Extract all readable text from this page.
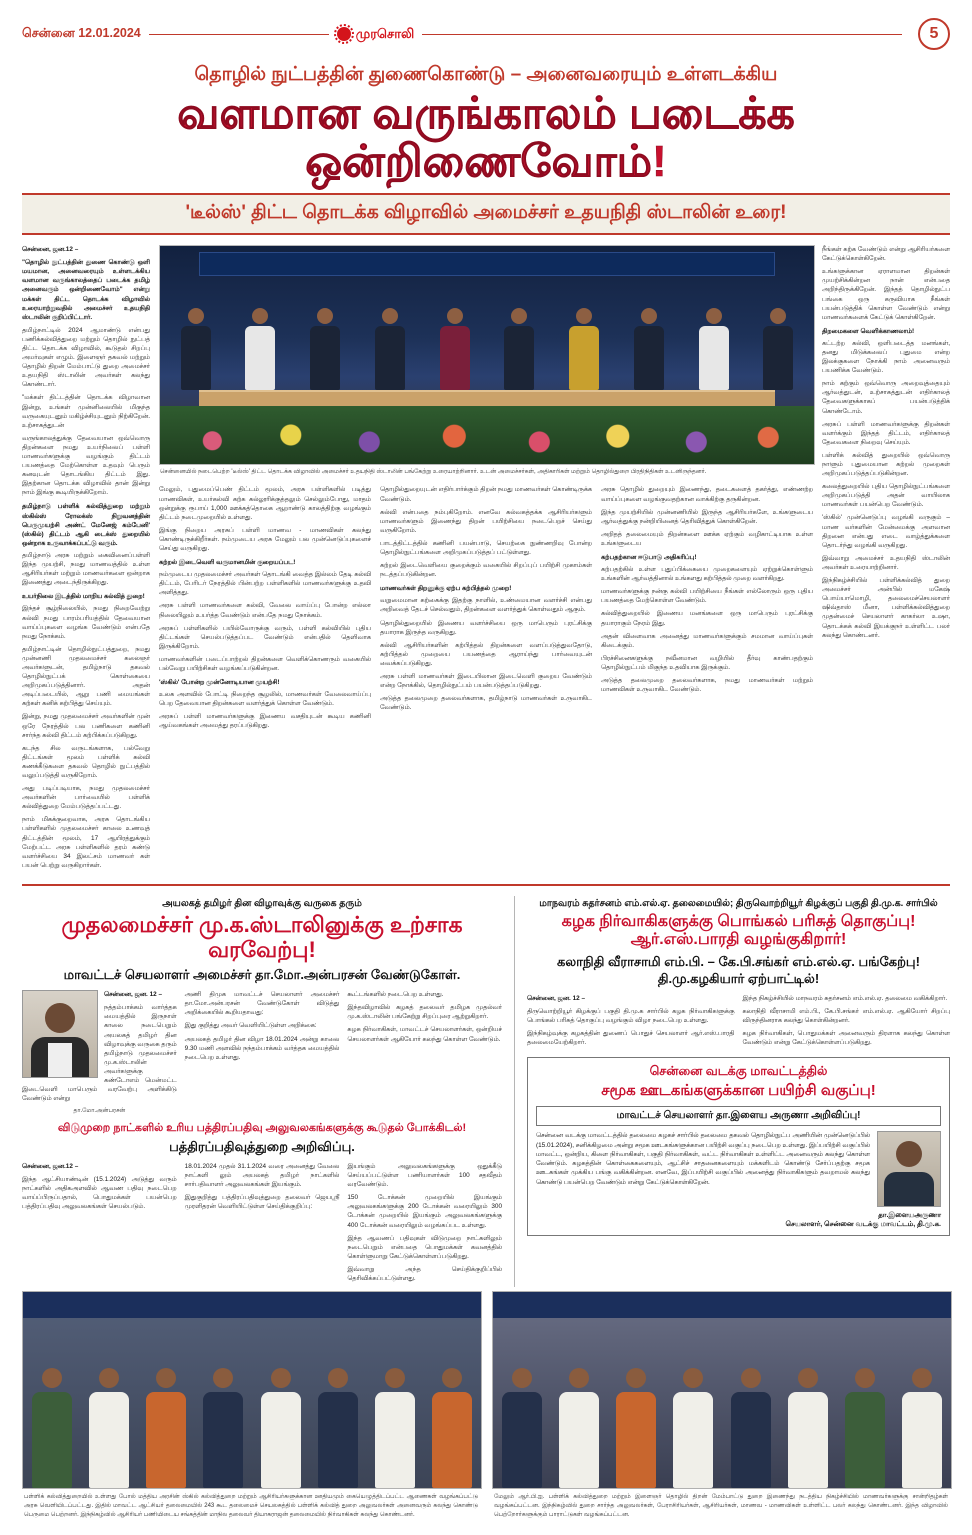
சென்னை 12.01.2024	முரசொலி	5
தொழில் நுட்பத்தின் துணைகொண்டு – அனைவரையும் உள்ளடக்கிய
வளமான வருங்காலம் படைக்க ஒன்றிணைவோம்!
'டீல்ஸ்' திட்ட தொடக்க விழாவில் அமைச்சர் உதயநிதி ஸ்டாலின் உரை!

சென்னை, ஜன.12 –

"தொழில் நுட்பத்தின் துணை கொண்டு ஒளி மயமான, அனைவரையும் உள்ளடக்கிய வளமான வருங்காலத்தைப் படைக்க தமிழ் அனைவரும் ஒன்றிணைவோம்" என்று மக்கள் திட்ட தொடக்க விழாவில் உரையாற்றுவதில் அமைச்சர் உதயநிதி ஸ்டாலின் குறிப்பிட்டார்.

தமிழ்நாட்டில் 2024 ஆமாண்டு என்பது பணிக்கல்வித்துறை மற்றும் தொழில் நுட்பத் திட்ட தொடக்க விழாவில், கூடுதல் சிறப்பு அமர்வுகள் எழும். இளைஞர் தகவல் மற்றும் தொழில் திறன் மேம்பாட்டு துறை அமைச்சர் உதயநிதி ஸ்டாலின் அவர்கள் கலந்து கொண்டார்.

"மக்கள் திட்டத்தின் தொடக்க விழாவான இன்று, உங்கள் முன்னிலையில் மிகுந்த வருகையுடனும் மகிழ்ச்சியுடனும் நிற்கிறேன். உற்சாகத்துடன்

வருங்காலத்துக்கு தேவையான ஒவ்வொரு திறன்களை நமது உயர்நிலைப் பள்ளி மாணவர்களுக்கு வழங்கும் திட்டம் பயணத்தை மேற்கொள்ள உதவும் பெரும் கனவுடன் தொடங்கிய திட்டம் இது. இதற்கான தொடக்க விழாவில் தான் இன்று நாம் இங்கு கூடியிருக்கிறோம்.

தமிழ்நாடு பள்ளிக் கல்வித்துறை மற்றும் ஸ்கில்ஸ் ரோலக்ஸ் நிறுவனத்தின் பெருமுயற்சி அண்ட் மேனேஜ் கம்பேனி' (ஸ்கில்) திட்டம் ஆகி டைக்ஸ் துறையில் ஒன்றாக உருவாக்கப்பட்டு வரும்.

தமிழ்நாடு அரசு மற்றும் கைவினைப்பள்ளி இந்த முயற்சி, நமது மாணவத்தில் உள்ள ஆசிரியர்கள் மற்றும் மாணவர்களை ஒன்றாக இணைத்து அடைந்திருக்கிறது.

உயர்நிலை இடத்தில் மாறிய கல்வித் துறை!

இந்தச் சூழ்நிலையில், நமது நிறைவேற்று கல்வி நமது பாரம்பரியத்தில் தேவையான வாய்ப்புகளை வழங்க வேண்டும் என்பதே நமது நோக்கம்.

தமிழ்நாட்டின் தொழில்நுட்பத்துறை, நமது முன்னணி முதலமைச்சர் கலைஞர் அவர்களுடன், தமிழ்நாடு தகவல் தொழில்நுட்பக் கொள்கையை அறிமுகப்படுத்தினார். அதன் அடிப்படையில், ஆறு பணி மையங்கள் கற்கள் கனிக் கற்பித்து செய்யும்.

இன்று, நமது முதலமைச்சர் அவர்களின் முன் ஒரே நேரத்தில் பல பணிகளை கணினி சார்ந்த கல்வி திட்டம் கற்பிக்கப்படுகிறது.

கடந்த சில வருடங்களாக, பல்வேறு திட்டங்கள் மூலம் பள்ளிக் கல்வி கணக்கீடுகளை தகவல் தொழில் நுட்பத்தில் வலுப்படுத்தி வருகிறோம்.

அது படிப்படியாக, நமது முதலமைச்சர் அவர்களின் பார்வையில் பள்ளிக் கல்வித்துறை மேம்படுத்தப்பட்டது.

நாம் மிகக்குறைவாக, அரசு தொடங்கிய பள்ளிகளில் முதலமைச்சர் காலை உணவுத் திட்டத்தின் மூலம், 17 ஆயிரத்துக்கும் மேற்பட்ட அரசு பள்ளிகளில் தரம் கண்டு வளர்ச்சியை 34 இலட்சம் மாணவர் கள் பயன் பெற்று வருகிறார்கள்.

சென்னையில் நடைபெற்ற 'டீல்ஸ்' திட்ட தொடக்க விழாவில் அமைச்சர் உதயநிதி ஸ்டாலின் பங்கேற்று உரையாற்றினார். உடன் அமைச்சர்கள், அதிகாரிகள் மற்றும் தொழில்துறை பிரதிநிதிகள் உடனிருந்தனர்.

மேலும், புதுமைப்பெண் திட்டம் மூலம், அரசு பள்ளிகளில் படித்து மாணவிகள், உயர்கல்வி கற்க கல்லூரிக்குத்தலும் செல்லும்போது, மாதம் ஒன்றுக்கு ரூபாய் 1,000 ஊக்கத்தொகை ஆறாண்டு காலத்திற்கு வழங்கும் திட்டம் நடைமுறையில் உள்ளது.

இங்கு நிறைய அரசுப் பள்ளி மாணவ - மாணவிகள் கலந்து கொண்டிருக்கிறீர்கள். நம்முடைய அரசு மேலும் பல முன்னெடுப்புகளைச் செய்து வருகிறது.

கற்றல் இடைவெளி வருமானமின் குறையப்பட!

நம்முடைய முதலமைச்சர் அவர்கள் தொடங்கி வைத்த இல்லம் தேடி கல்வி திட்டம், பேரிடர் நேரத்தில் பின்பற்ற பள்ளிகளில் மாணவர்களுக்கு உதவி அளித்தது.

அரசு பள்ளி மாணவர்களை கல்வி, வேலை வாய்ப்பு போன்ற எல்லா நிலையிலும் உயர்த்த வேண்டும் என்பதே நமது நோக்கம்.

அரசுப் பள்ளிகளில் பயில்வோருக்கு வரும், பள்ளி கல்வியில் புதிய திட்டங்கள் செயல்படுத்தப்பட வேண்டும் என்பதில் தெளிவாக இருக்கிறோம்.

மாணவர்களின் படைப்பாற்றல் திறன்களை வெளிக்கொணரும் வகையில் பல்வேறு பயிற்சிகள் வழங்கப்படுகின்றன.

'ஸ்கில்' போன்ற முன்னோடியான முயற்சி!

உலக அளவில் போட்டி நிறைந்த சூழலில், மாணவர்கள் வேலைவாய்ப்பு பெற தேவையான திறன்களை வளர்த்துக் கொள்ள வேண்டும்.

அரசுப் பள்ளி மாணவர்களுக்கு இணைய வசதியுடன் கூடிய கணினி ஆய்வகங்கள் அமைத்து தரப்படுகிறது.

தொழில்துறையுடன் எதிர்பார்க்கும் திறன் நமது மாணவர்கள் கொண்டிருக்க வேண்டும்.

கல்வி என்பதை நம்புகிறோம். எனவே கல்வகத்தக்க ஆசிரியர்களும் மாணவர்களும் இணைந்து திறன் பயிற்சியை நடைபெறச் செய்து வருகிறோம்.

பாடத்திட்டத்தில் கணினி பயன்பாடு, செயற்கை நுண்ணறிவு போன்ற தொழில்நுட்பங்களை அறிமுகப்படுத்தப் பட்டுள்ளது.

கற்றல் இடைவெளியை குறைக்கும் வகையில் சிறப்புப் பயிற்சி முகாம்கள் நடத்தப்படுகின்றன.

மாணவர்கள் திறனுக்கு ஏற்ப கற்பித்தல் முறை!

வறுமைமான கற்கைக்கு இதற்கு நாளில், உண்மையான வளர்ச்சி என்பது அறிவைத் தேடச் செல்வதும், திறன்களை வளர்த்துக் கொள்வதும் ஆகும்.

தொழில்துறையில் இணைய வளர்ச்சியை ஒரு மாபெரும் புரட்சிக்கு தயாராக இருந்த வருகிறது.

கல்வி ஆசிரியர்களின் கற்பித்தல் திறன்களை வளப்படுத்துவதோடு, கற்பித்தல் முறையை பயணத்தை ஆராய்ந்து பார்வையுடன் வைக்கப்படுகிறது.

அரசு பள்ளி மாணவர்கள் இடையிலான இடைவெளி குறைய வேண்டும் என்ற நோக்கில், தொழில்நுட்பம் பயன்படுத்தப்படுகிறது.

அடுத்த தலைமுறை தலைவர்களாக, தமிழ்நாடு மாணவர்கள் உருவாகிட வேண்டும்.

அரசு தொழில் துறையும் இணைந்து, தடைகளைத் தகர்த்து, எண்ணற்ற வாய்ப்புகளை வழங்குவதற்கான வாக்கிற்கு தருகின்றன.

இந்த முயற்சியில் முன்னணியில் இருந்த ஆசிரியர்களே, உங்களுடைய ஆர்வத்துக்கு நன்றியினைத் தெரிவித்துக் கொள்கிறேன்.

அறிதத் தலைமையும் திறன்களை ஊக்க ஏற்கும் வழிகாட்டியாக உள்ள உங்களுடைய

கற்பதற்கான ஈடுபாடு அதிகரிப்பு!

கற்பதற்கில் உள்ள புதுப்பிக்கையை முறைகளையும் ஏற்றுக்கொள்ளும் உங்களின் ஆர்வத்தினால் உங்களது கற்பித்தல் முறை வளர்கிறது.

மாணவர்களுக்கு நன்கு கல்வி பயிற்சியை நீங்கள் எல்லோரும் ஒரு புதிய பயணத்தை மேற்கொள்ள வேண்டும்.

கல்வித்துறையில் இணைய மனங்களை ஒரு மாபெரும் புரட்சிக்கு தயாராகும் நேரம் இது.

அதன் விளைவாக அனைத்து மாணவர்களுக்கும் சமமான வாய்ப்புகள் கிடைக்கும்.

பிரச்சினைகளுக்கு நவீனமான வழியில் தீர்வு காண்பதற்கும் தொழில்நுட்பம் மிகுந்த உதவியாக இருக்கும்.

அடுத்த தலைமுறை தலைவர்களாக, நமது மாணவர்கள் மற்றும் மாணவிகள் உருவாகிட வேண்டும்.

நீங்கள் கற்க வேண்டும் என்று ஆசிரியர்களை கேட்டுக்கொள்கிறேன்.

உங்களுக்கான ஏராளமான திறன்கள் முயற்சிக்கின்றன நான் என்பதை அறிந்திருக்கிறேன். இந்தத் தொழில்நுட்ப பங்கை ஒரு கருவியாக நீங்கள் பயன்படுத்திக் கொள்ள வேண்டும் என்று மாணவர்களைக் கேட்டுக் கொள்கிறேன்.

திறமைகளை வெளிக்காணலாம்!

கட்டற்ற கல்வி, ஒளிபடைத்த மனங்கள், தனது மிடுக்கலைப் புதுமை என்ற இலக்குகளை நோக்கி நாம் அனைவரும் பயணிக்க வேண்டும்.

நாம் கற்கும் ஒவ்வொரு அறைவுத்தையும் ஆர்வத்துடன், உற்சாகத்துடன் எதிர்காலத் தேவைகளுக்காகப் பயன்படுத்திக் கொண்டோம்.

அரசுப் பள்ளி மாணவர்களுக்கு திறன்கள் வளர்க்கும் இந்தத் திட்டம், எதிர்காலத் தேவைகளை நிறைவு செய்யும்.

பள்ளிக் கல்வித் துறையில் ஒவ்வொரு நாளும் புதுமையான கற்றல் முறைகள் அறிமுகப்படுத்தப்படுகின்றன.

கலைத்துறையில் புதிய தொழில்நுட்பங்களை அறிமுகப்படுத்தி அதன் வாயிலாக மாணவர்கள் பயன்பெற வேண்டும்.

'ஸ்கில்' முன்னெடுப்பு வழங்கி வருகும் – மாண வர்களின் மேன்மைக்கு அளவான திறனை என்பது எடை வாழ்த்துக்களை தொடர்ந்து வழங்கி வருகிறது.

இவ்வாறு அமைச்சர் உதயநிதி ஸ்டாலின் அவர்கள் உரையாற்றினார்.

இந்நிகழ்ச்சியில் பள்ளிக்கல்வித் துறை அமைச்சர் அன்பில் மகேஷ் பொய்யாமொழி, தலைமைச்செயலாளர் ஷிவ்தாஸ் மீனா, பள்ளிக்கல்வித்துறை முதன்மைச் செயலாளர் காகர்லா உஷா, தொடக்கக் கல்வி இயக்குநர் உள்ளிட்ட பலர் கலந்து கொண்டனர்.

அயலகத் தமிழர் தின விழாவுக்கு வருகை தரும்
முதலமைச்சர் மு.க.ஸ்டாலினுக்கு உற்சாக வரவேற்பு!
மாவட்டச் செயலாளர் அமைச்சர் தா.மோ.அன்பரசன் வேண்டுகோள்.

சென்னை, ஜன. 12 –

நத்தம்பாக்கம் வார்த்தக மையத்தில் இருநாள் காலை நடைபெறும் அயலகத் தமிழர் தின விழாவுக்கு வருகை தரும் தமிழ்நாடு முதலமைச்சர் மு.க.ஸ்டாலின் அவர்களுக்கு கண்டோஎம் மென்மட்ட இடைவெளி மாபெரும் வரவேற்பு அளிக்கிடு வேண்டும் என்று

தா.மோ.அன்பரசன்

அணி திமுக மாவட்டச் செயலாளர் அமைச்சர் தா.மோ.அன்பரசன் வேண்டுகோள் விடுத்து அறிக்கையில் கூறியதாவது:

இது குறித்து அவர் வெளியிட்டுள்ள அறிக்கை:

அயலகத் தமிழர் தின விழா 18.01.2024 அன்று காலை 9.30 மணி அளவில் நந்தம்பாக்கம் வர்த்தக மையத்தில் நடைபெற உள்ளது.

கூட்டங்களில் நடைபெற உள்ளது.

இந்தவிழாவில் கழகத் தலைவர் தமிழக முதல்வர் மு.க.ஸ்டாலின் பங்கேற்று சிறப்புரை ஆற்றுகிறார்.

கழக நிர்வாகிகள், மாவட்டச் செயலாளர்கள், ஒன்றியச் செயலாளர்கள் ஆகியோர் கலந்து கொள்ள வேண்டும்.

விடுமுறை நாட்களில் உரிய பத்திரப்பதிவு அலுவலகங்களுக்கு கூடுதல் போக்கிடல்!
பத்திரப்பதிவுத்துறை அறிவிப்பு.

சென்னை, ஜன.12 –

இந்த ஆட்சியாண்டின் (15.1.2024) அடுத்து வரும் நாட்களில் அதிகஅளவில் ஆவண பதிவு நடைபெற வாய்ப்பிருப்பதால், பொதுமக்கள் பயன்பெற பத்திரப்பதிவு அலுவலகங்கள் செயல்படும்.

18.01.2024 முதல் 31.1.2024 வரை அனைத்து வேலை நாட்களி லும் அயலகத் தமிழர் நாட்களில் சார்பதிவாளர் அலுவலகங்கள் இயங்கும்.

இதுகுறித்து பத்திரப்பதிவுத்துறை தலைவர் ஜெயஸ்ரீ முரளிதரன் வெளியிட்டுள்ள செய்திக்குறிப்பு:

இயங்கும் அலுவலகங்களுக்கு ஒதுக்கீடு செய்யப்பட்டுள்ள பணியாளர்கள் 100 சதவீதம் வரவேண்டும்.

150 டோக்கன் முறையில் இயங்கும் அலுவலகங்களுக்கு 200 டோக்கன் வரையிலும் 300 டோக்கன் முறையில் இயங்கும் அலுவலகங்களுக்கு 400 டோக்கன் வரையிலும் வழங்கப்பட உள்ளது.

இந்த ஆவணப் பதிவுகள் விடுமுறை நாட்களிலும் நடைபெறும் என்பதை பொதுமக்கள் கவனத்தில் கொள்ளுமாறு கேட்டுக்கொள்ளப்படுகிறது.

இவ்வாறு அந்த செய்திக்குறிப்பில் தெரிவிக்கப்பட்டுள்ளது.

மாநவரம் சுதர்சனம் எம்.எல்.ஏ. தலைமையில்; திருவொற்றியூர் கிழக்குப் பகுதி தி.மு.க. சார்பில்
கழக நிர்வாகிகளுக்கு பொங்கல் பரிசுத் தொகுப்பு! ஆர்.எஸ்.பாரதி வழங்குகிறார்!
கலாநிதி வீராசாமி எம்.பி. – கே.பி.சங்கர் எம்.எல்.ஏ. பங்கேற்பு! தி.மு.கழகியார் ஏற்பாட்டில்!

சென்னை, ஜன. 12 –

திருவொற்றியூர் கிழக்குப் பகுதி தி.மு.க சார்பில் கழக நிர்வாகிகளுக்கு பொங்கல் பரிசுத் தொகுப்பு வழங்கும் விழா நடைபெற உள்ளது.

இந்நிகழ்வுக்கு கழகத்தின் துணைப் பொதுச் செயலாளர் ஆர்.எஸ்.பாரதி தலைமையேற்கிறார்.

இந்த நிகழ்ச்சியில் மாநவரம் சுதர்சனம் எம்.எல்.ஏ. தலைமை வகிக்கிறார்.

கலாநிதி வீராசாமி எம்.பி., கே.பி.சங்கர் எம்.எல்.ஏ. ஆகியோர் சிறப்பு விருந்தினராக கலந்து கொள்கின்றனர்.

கழக நிர்வாகிகள், பொதுமக்கள் அனைவரும் திரளாக கலந்து கொள்ள வேண்டும் என்று கேட்டுக்கொள்ளப்படுகிறது.

சென்னை வடக்கு மாவட்டத்தில்
சமூக ஊடகங்களுக்கான பயிற்சி வகுப்பு!
மாவட்டச் செயலாளர் தா.இளைய அருணா அறிவிப்பு!
சென்னை வடக்கு மாவட்டத்தில் தலைமை கழகச் சார்பில் தலைமை தகவல் தொழில்நுட்ப அணியின் முன்னெடுப்பில் (15.01.2024), சனிக்கிழமை அன்று சமூக ஊடகங்களுக்கான பயிற்சி வகுப்பு நடைபெற உள்ளது. இப்பயிற்சி வகுப்பில் மாவட்ட, ஒன்றிய, கிளை நிர்வாகிகள், பகுதி நிர்வாகிகள், வட்ட நிர்வாகிகள் உள்ளிட்ட அனைவரும் கலந்து கொள்ள வேண்டும். கழகத்தின் கொள்கைகளையும், ஆட்சிச் சாதனைகளையும் மக்களிடம் கொண்டு சேர்ப்பதற்கு சமூக ஊடகங்கள் முக்கிய பங்கு வகிக்கின்றன. எனவே, இப்பயிற்சி வகுப்பில் அனைத்து நிர்வாகிகளும் தவறாமல் கலந்து கொண்டு பயன்பெற வேண்டும் என்று கேட்டுக்கொள்கிறேன்.
தா.இளையஅருணா
செயலாளர், சென்னை வடக்கு மாவட்டம், தி.மு.க.
பள்ளிக் கல்வித்துறையில் உள்ளது போல் மத்திய அரசின் ஸ்கில் கல்வித்துறை மற்றும் ஆசிரியர்களுக்கான ஊதியமும் கையெழுத்திடப்பட்ட ஆணைகள் வழங்கப்பட்டு அரசு வெளியிடப்பட்டது. இதில் மாவட்ட ஆட்சியர் தலைமையில் 243 கூட தலைமைச் செயலகத்தில் பள்ளிக் கல்வித் துறை அலுவலர்கள் அனைவரும் கலந்து கொண்டு பெருமை பெற்றனர். இந்நிகழ்வில் ஆசிரியர் பணியிடைய சங்கத்தின் மாநில தலைவர் தியாகராஜன் தலைமையில் நிர்வாகிகள் கலந்து கொண்டனர்.
மேலும் ஆர்.பி.ஐ. பள்ளிக் கல்வித்துறை மற்றும் இளைஞர் தொழில் திறன் மேம்பாட்டு துறை இணைந்து நடத்திய நிகழ்ச்சியில் மாணவர்களுக்கு சான்றிதழ்கள் வழங்கப்பட்டன. இந்நிகழ்வில் துறை சார்ந்த அலுவலர்கள், பேராசிரியர்கள், ஆசிரியர்கள், மாணவ - மாணவிகள் உள்ளிட்ட பலர் கலந்து கொண்டனர். இந்த விழாவில் பெற்றோர்களுக்கும் பாராட்டுகள் வழங்கப்பட்டன.
